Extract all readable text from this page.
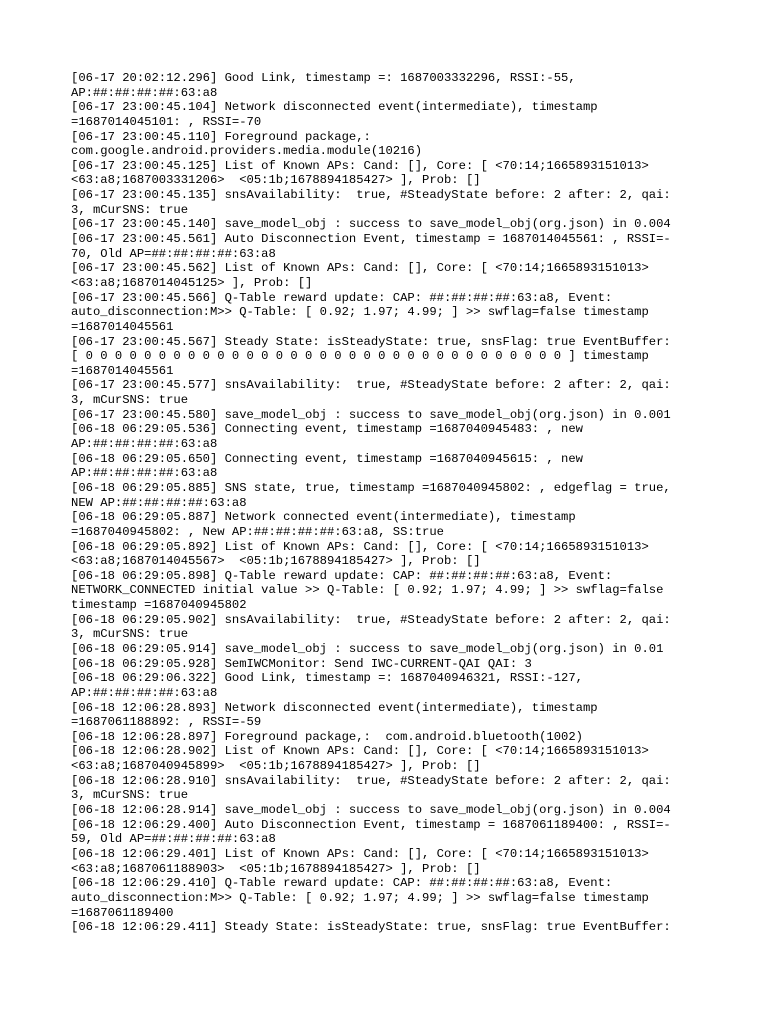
[06-17 20:02:12.296] Good Link, timestamp =: 1687003332296, RSSI:-55,
AP:##:##:##:##:63:a8
[06-17 23:00:45.104] Network disconnected event(intermediate), timestamp
=1687014045101: , RSSI=-70
[06-17 23:00:45.110] Foreground package,:
com.google.android.providers.media.module(10216)
[06-17 23:00:45.125] List of Known APs: Cand: [], Core: [ <70:14;1665893151013>
<63:a8;1687003331206>  <05:1b;1678894185427> ], Prob: []
[06-17 23:00:45.135] snsAvailability:  true, #SteadyState before: 2 after: 2, qai:
3, mCurSNS: true
[06-17 23:00:45.140] save_model_obj : success to save_model_obj(org.json) in 0.004
[06-17 23:00:45.561] Auto Disconnection Event, timestamp = 1687014045561: , RSSI=-
70, Old AP=##:##:##:##:63:a8
[06-17 23:00:45.562] List of Known APs: Cand: [], Core: [ <70:14;1665893151013>
<63:a8;1687014045125> ], Prob: []
[06-17 23:00:45.566] Q-Table reward update: CAP: ##:##:##:##:63:a8, Event:
auto_disconnection:M>> Q-Table: [ 0.92; 1.97; 4.99; ] >> swflag=false timestamp
=1687014045561
[06-17 23:00:45.567] Steady State: isSteadyState: true, snsFlag: true EventBuffer:
[ 0 0 0 0 0 0 0 0 0 0 0 0 0 0 0 0 0 0 0 0 0 0 0 0 0 0 0 0 0 0 0 0 0 ] timestamp
=1687014045561
[06-17 23:00:45.577] snsAvailability:  true, #SteadyState before: 2 after: 2, qai:
3, mCurSNS: true
[06-17 23:00:45.580] save_model_obj : success to save_model_obj(org.json) in 0.001
[06-18 06:29:05.536] Connecting event, timestamp =1687040945483: , new
AP:##:##:##:##:63:a8
[06-18 06:29:05.650] Connecting event, timestamp =1687040945615: , new
AP:##:##:##:##:63:a8
[06-18 06:29:05.885] SNS state, true, timestamp =1687040945802: , edgeflag = true,
NEW AP:##:##:##:##:63:a8
[06-18 06:29:05.887] Network connected event(intermediate), timestamp
=1687040945802: , New AP:##:##:##:##:63:a8, SS:true
[06-18 06:29:05.892] List of Known APs: Cand: [], Core: [ <70:14;1665893151013>
<63:a8;1687014045567>  <05:1b;1678894185427> ], Prob: []
[06-18 06:29:05.898] Q-Table reward update: CAP: ##:##:##:##:63:a8, Event:
NETWORK_CONNECTED initial value >> Q-Table: [ 0.92; 1.97; 4.99; ] >> swflag=false
timestamp =1687040945802
[06-18 06:29:05.902] snsAvailability:  true, #SteadyState before: 2 after: 2, qai:
3, mCurSNS: true
[06-18 06:29:05.914] save_model_obj : success to save_model_obj(org.json) in 0.01
[06-18 06:29:05.928] SemIWCMonitor: Send IWC-CURRENT-QAI QAI: 3
[06-18 06:29:06.322] Good Link, timestamp =: 1687040946321, RSSI:-127,
AP:##:##:##:##:63:a8
[06-18 12:06:28.893] Network disconnected event(intermediate), timestamp
=1687061188892: , RSSI=-59
[06-18 12:06:28.897] Foreground package,:  com.android.bluetooth(1002)
[06-18 12:06:28.902] List of Known APs: Cand: [], Core: [ <70:14;1665893151013>
<63:a8;1687040945899>  <05:1b;1678894185427> ], Prob: []
[06-18 12:06:28.910] snsAvailability:  true, #SteadyState before: 2 after: 2, qai:
3, mCurSNS: true
[06-18 12:06:28.914] save_model_obj : success to save_model_obj(org.json) in 0.004
[06-18 12:06:29.400] Auto Disconnection Event, timestamp = 1687061189400: , RSSI=-
59, Old AP=##:##:##:##:63:a8
[06-18 12:06:29.401] List of Known APs: Cand: [], Core: [ <70:14;1665893151013>
<63:a8;1687061188903>  <05:1b;1678894185427> ], Prob: []
[06-18 12:06:29.410] Q-Table reward update: CAP: ##:##:##:##:63:a8, Event:
auto_disconnection:M>> Q-Table: [ 0.92; 1.97; 4.99; ] >> swflag=false timestamp
=1687061189400
[06-18 12:06:29.411] Steady State: isSteadyState: true, snsFlag: true EventBuffer:
